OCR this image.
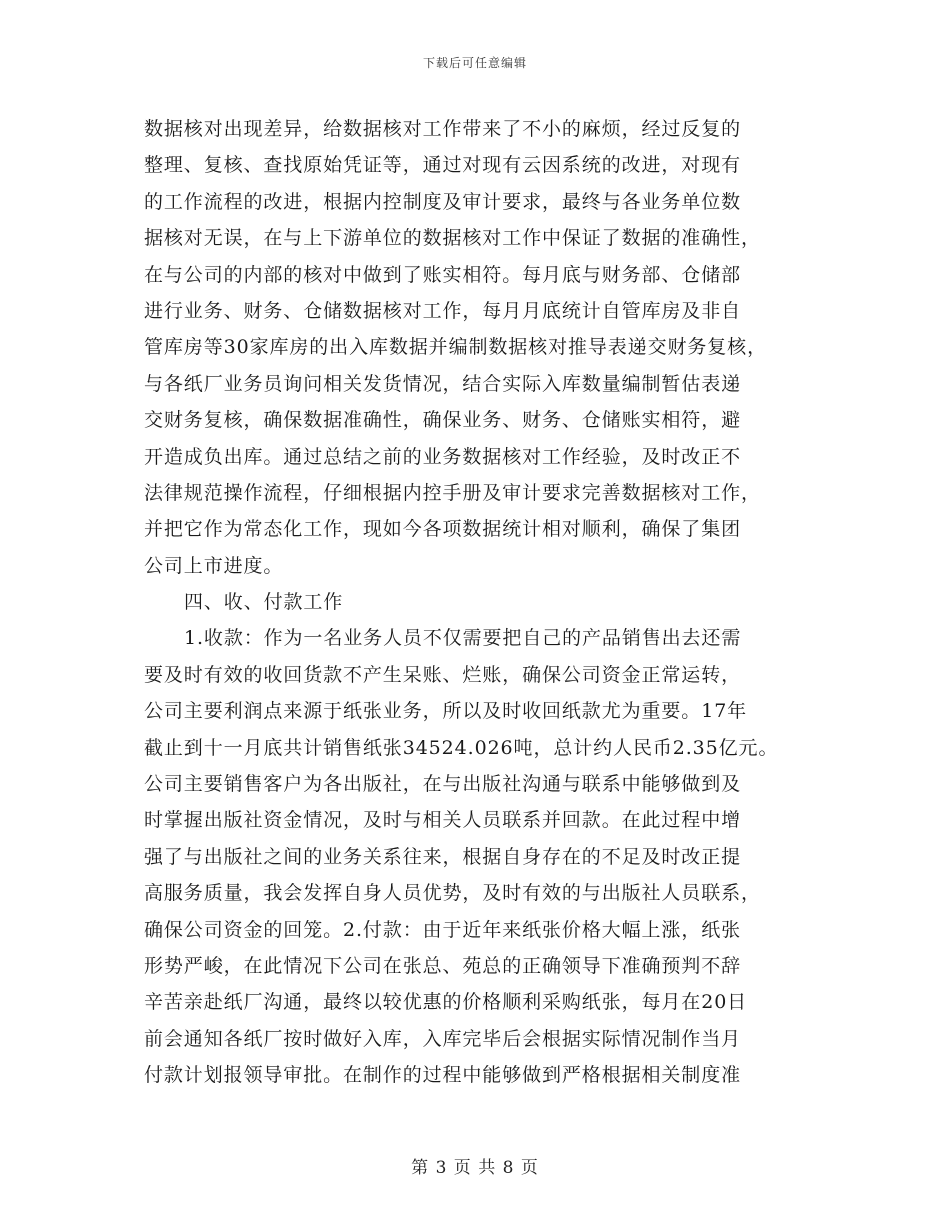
下载后可任意编辑
数据核对出现差异，给数据核对工作带来了不小的麻烦，经过反复的
整理、复核、查找原始凭证等，通过对现有云因系统的改进，对现有
的工作流程的改进，根据内控制度及审计要求，最终与各业务单位数
据核对无误，在与上下游单位的数据核对工作中保证了数据的准确性，
在与公司的内部的核对中做到了账实相符。每月底与财务部、仓储部
进行业务、财务、仓储数据核对工作，每月月底统计自管库房及非自
管库房等30家库房的出入库数据并编制数据核对推导表递交财务复核，
与各纸厂业务员询问相关发货情况，结合实际入库数量编制暂估表递
交财务复核，确保数据准确性，确保业务、财务、仓储账实相符，避
开造成负出库。通过总结之前的业务数据核对工作经验，及时改正不
法律规范操作流程，仔细根据内控手册及审计要求完善数据核对工作，
并把它作为常态化工作，现如今各项数据统计相对顺利，确保了集团
公司上市进度。
四、收、付款工作
1.收款：作为一名业务人员不仅需要把自己的产品销售出去还需
要及时有效的收回货款不产生呆账、烂账，确保公司资金正常运转，
公司主要利润点来源于纸张业务，所以及时收回纸款尤为重要。17年
截止到十一月底共计销售纸张34524.026吨，总计约人民币2.35亿元。
公司主要销售客户为各出版社，在与出版社沟通与联系中能够做到及
时掌握出版社资金情况，及时与相关人员联系并回款。在此过程中增
强了与出版社之间的业务关系往来，根据自身存在的不足及时改正提
高服务质量，我会发挥自身人员优势，及时有效的与出版社人员联系，
确保公司资金的回笼。2.付款：由于近年来纸张价格大幅上涨，纸张
形势严峻，在此情况下公司在张总、苑总的正确领导下准确预判不辞
辛苦亲赴纸厂沟通，最终以较优惠的价格顺利采购纸张，每月在20日
前会通知各纸厂按时做好入库，入库完毕后会根据实际情况制作当月
付款计划报领导审批。在制作的过程中能够做到严格根据相关制度准
第 3 页 共 8 页
